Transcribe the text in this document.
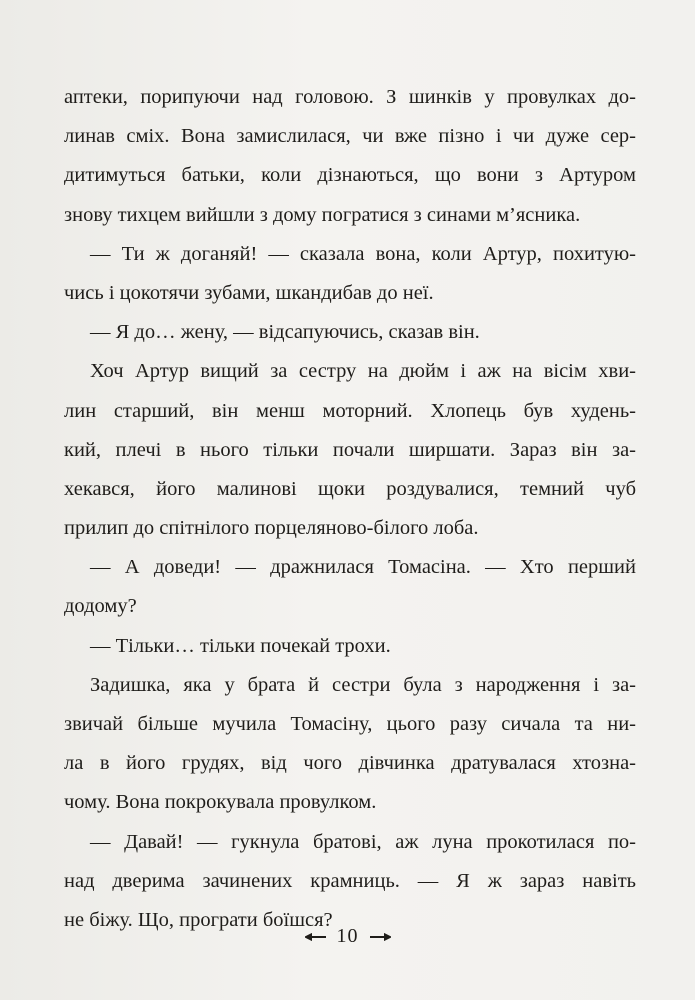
аптеки, порипуючи над головою. З шинків у провулках до-
линав сміх. Вона замислилася, чи вже пізно і чи дуже сер-
дитимуться батьки, коли дізнаються, що вони з Артуром
знову тихцем вийшли з дому погратися з синами м’ясника.
— Ти ж доганяй! — сказала вона, коли Артур, похитую-
чись і цокотячи зубами, шкандибав до неї.
— Я до… жену, — відсапуючись, сказав він.
Хоч Артур вищий за сестру на дюйм і аж на вісім хви-
лин старший, він менш моторний. Хлопець був худень-
кий, плечі в нього тільки почали ширшати. Зараз він за-
хекався, його малинові щоки роздувалися, темний чуб
прилип до спітнілого порцеляново-білого лоба.
— А доведи! — дражнилася Томасіна. — Хто перший
додому?
— Тільки… тільки почекай трохи.
Задишка, яка у брата й сестри була з народження і за-
звичай більше мучила Томасіну, цього разу сичала та ни-
ла в його грудях, від чого дівчинка дратувалася хтозна-
чому. Вона покрокувала провулком.
— Давай! — гукнула братові, аж луна прокотилася по-
над дверима зачинених крамниць. — Я ж зараз навіть
не біжу. Що, програти боїшся?
10
